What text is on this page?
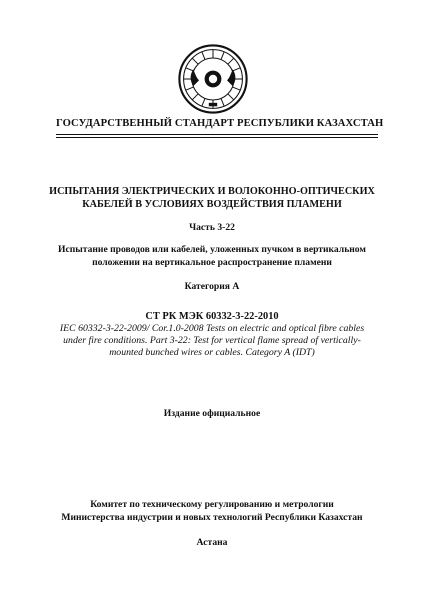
ГОСУДАРСТВЕННЫЙ СТАНДАРТ РЕСПУБЛИКИ КАЗАХСТАН
ИСПЫТАНИЯ ЭЛЕКТРИЧЕСКИХ И ВОЛОКОННО-ОПТИЧЕСКИХ
КАБЕЛЕЙ В УСЛОВИЯХ ВОЗДЕЙСТВИЯ ПЛАМЕНИ
Часть 3-22
Испытание проводов или кабелей, уложенных пучком в вертикальном
положении на вертикальное распространение пламени
Категория А
СТ РК МЭК 60332-3-22-2010
IEC 60332-3-22-2009/ Cor.1.0-2008 Tests on electric and optical fibre cables
under fire conditions. Part 3-22: Test for vertical flame spread of vertically-
mounted bunched wires or cables. Category A (IDT)
Издание официальное
Комитет по техническому регулированию и метрологии
Министерства индустрии и новых технологий Республики Казахстан
Астана
